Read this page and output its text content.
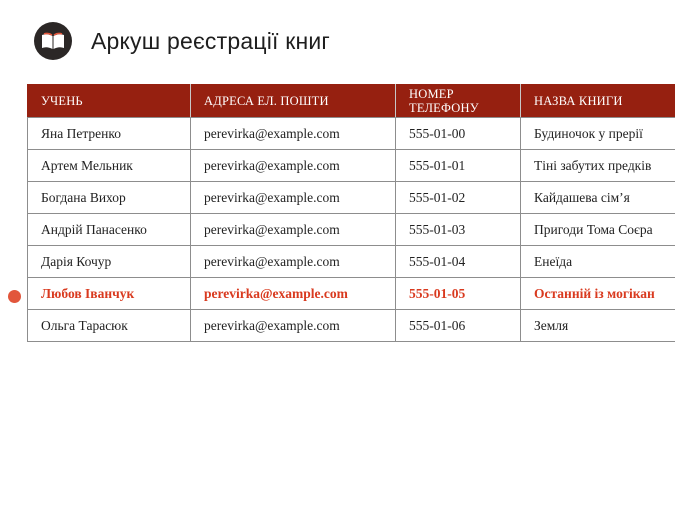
Аркуш реєстрації книг
УЧЕНЬ	АДРЕСА ЕЛ. ПОШТИ	НОМЕР ТЕЛЕФОНУ	НАЗВА КНИГИ
Яна Петренко	perevirka@example.com	555-01-00	Будиночок у прерії
Артем Мельник	perevirka@example.com	555-01-01	Тіні забутих предків
Богдана Вихор	perevirka@example.com	555-01-02	Кайдашева сім’я
Андрій Панасенко	perevirka@example.com	555-01-03	Пригоди Тома Соєра
Дарія Кочур	perevirka@example.com	555-01-04	Енеїда
Любов Іванчук	perevirka@example.com	555-01-05	Останній із могікан
Ольга Тарасюк	perevirka@example.com	555-01-06	Земля
